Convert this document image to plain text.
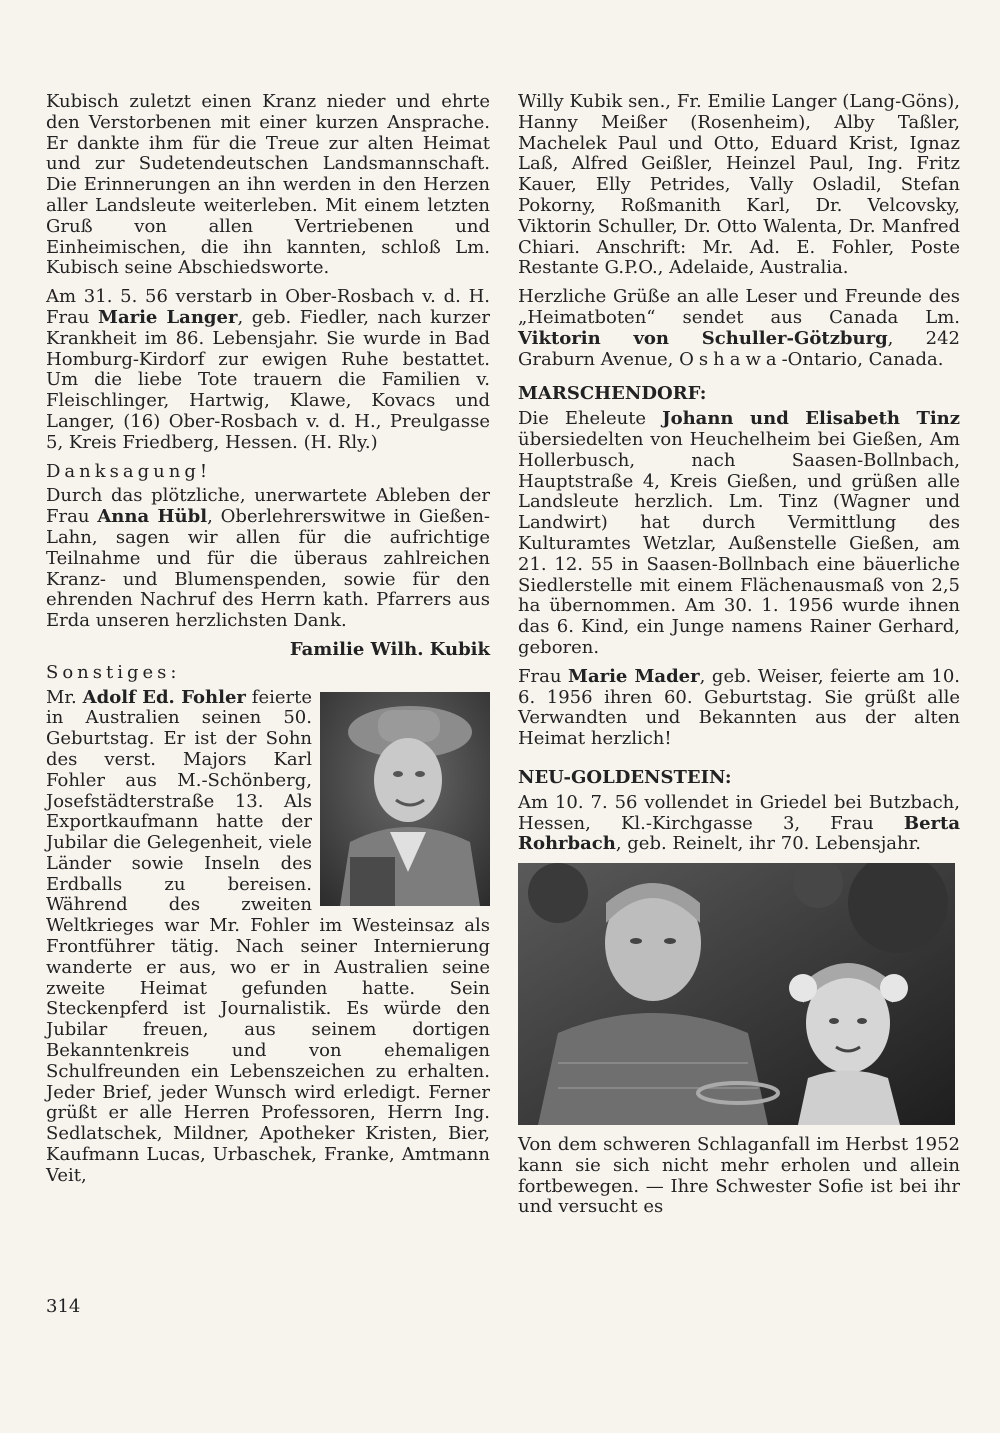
Kubisch zuletzt einen Kranz nieder und ehrte den Verstorbenen mit einer kurzen Ansprache. Er dankte ihm für die Treue zur alten Heimat und zur Sudetendeutschen Landsmannschaft. Die Erinnerungen an ihn werden in den Herzen aller Landsleute weiterleben. Mit einem letzten Gruß von allen Vertriebenen und Einheimischen, die ihn kannten, schloß Lm. Kubisch seine Abschiedsworte.

Am 31. 5. 56 verstarb in Ober-Rosbach v. d. H. Frau Marie Langer, geb. Fiedler, nach kurzer Krankheit im 86. Lebensjahr. Sie wurde in Bad Homburg-Kirdorf zur ewigen Ruhe bestattet. Um die liebe Tote trauern die Familien v. Fleischlinger, Hartwig, Klawe, Kovacs und Langer, (16) Ober-Rosbach v. d. H., Preulgasse 5, Kreis Friedberg, Hessen. (H. Rly.)

Danksagung!

Durch das plötzliche, unerwartete Ableben der Frau Anna Hübl, Oberlehrerswitwe in Gießen-Lahn, sagen wir allen für die aufrichtige Teilnahme und für die überaus zahlreichen Kranz- und Blumenspenden, sowie für den ehrenden Nachruf des Herrn kath. Pfarrers aus Erda unseren herzlichsten Dank.

Familie Wilh. Kubik

Sonstiges:

Mr. Adolf Ed. Fohler feierte in Australien seinen 50. Geburtstag. Er ist der Sohn des verst. Majors Karl Fohler aus M.-Schönberg, Josefstädterstraße 13. Als Exportkaufmann hatte der Jubilar die Gelegenheit, viele Länder sowie Inseln des Erdballs zu bereisen. Während des zweiten Weltkrieges war Mr. Fohler im Westeinsaz als Frontführer tätig. Nach seiner Internierung wanderte er aus, wo er in Australien seine zweite Heimat gefunden hatte. Sein Steckenpferd ist Journalistik. Es würde den Jubilar freuen, aus seinem dortigen Bekanntenkreis und von ehemaligen Schulfreunden ein Lebenszeichen zu erhalten. Jeder Brief, jeder Wunsch wird erledigt. Ferner grüßt er alle Herren Professoren, Herrn Ing. Sedlatschek, Mildner, Apotheker Kristen, Bier, Kaufmann Lucas, Urbaschek, Franke, Amtmann Veit,

Willy Kubik sen., Fr. Emilie Langer (Lang-Göns), Hanny Meißer (Rosenheim), Alby Taßler, Machelek Paul und Otto, Eduard Krist, Ignaz Laß, Alfred Geißler, Heinzel Paul, Ing. Fritz Kauer, Elly Petrides, Vally Osladil, Stefan Pokorny, Roßmanith Karl, Dr. Velcovsky, Viktorin Schuller, Dr. Otto Walenta, Dr. Manfred Chiari. Anschrift: Mr. Ad. E. Fohler, Poste Restante G.P.O., Adelaide, Australia.

Herzliche Grüße an alle Leser und Freunde des „Heimatboten“ sendet aus Canada Lm. Viktorin von Schuller-Götzburg, 242 Graburn Avenue, Oshawa-Ontario, Canada.

MARSCHENDORF:

Die Eheleute Johann und Elisabeth Tinz übersiedelten von Heuchelheim bei Gießen, Am Hollerbusch, nach Saasen-Bollnbach, Hauptstraße 4, Kreis Gießen, und grüßen alle Landsleute herzlich. Lm. Tinz (Wagner und Landwirt) hat durch Vermittlung des Kulturamtes Wetzlar, Außenstelle Gießen, am 21. 12. 55 in Saasen-Bollnbach eine bäuerliche Siedlerstelle mit einem Flächenausmaß von 2,5 ha übernommen. Am 30. 1. 1956 wurde ihnen das 6. Kind, ein Junge namens Rainer Gerhard, geboren.

Frau Marie Mader, geb. Weiser, feierte am 10. 6. 1956 ihren 60. Geburtstag. Sie grüßt alle Verwandten und Bekannten aus der alten Heimat herzlich!

NEU-GOLDENSTEIN:

Am 10. 7. 56 vollendet in Griedel bei Butzbach, Hessen, Kl.-Kirchgasse 3, Frau Berta Rohrbach, geb. Reinelt, ihr 70. Lebensjahr.

Von dem schweren Schlaganfall im Herbst 1952 kann sie sich nicht mehr erholen und allein fortbewegen. — Ihre Schwester Sofie ist bei ihr und versucht es

314
